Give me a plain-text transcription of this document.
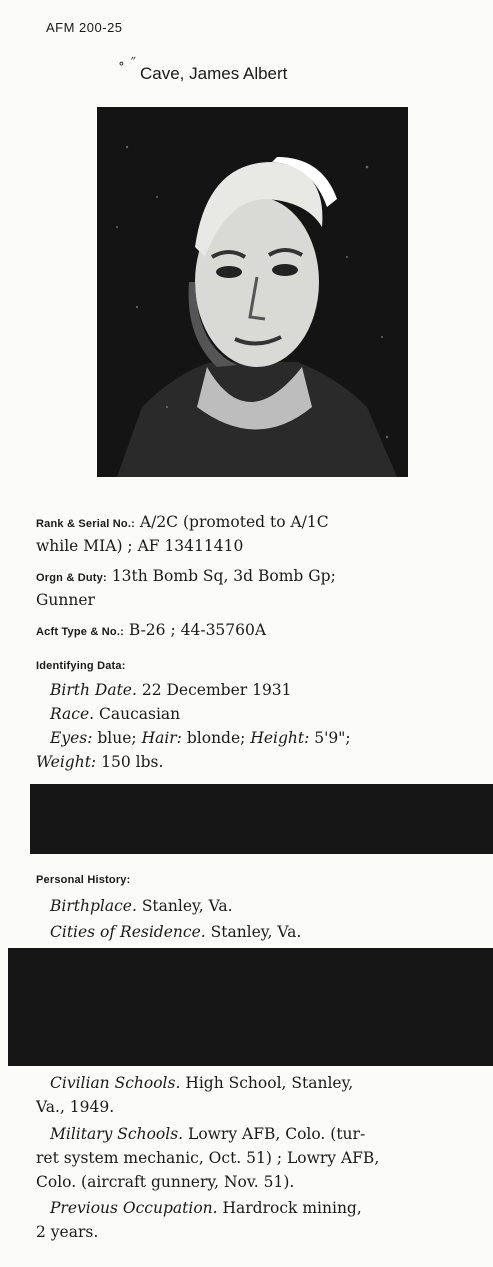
AFM 200-25
∘ ˝ Cave, James Albert
Rank & Serial No.: A/2C (promoted to A/1C
while MIA) ; AF 13411410
Orgn & Duty: 13th Bomb Sq, 3d Bomb Gp;
Gunner
Acft Type & No.: B-26 ; 44-35760A
Identifying Data:
Birth Date. 22 December 1931
Race. Caucasian
Eyes: blue; Hair: blonde; Height: 5'9";
Weight: 150 lbs.
Personal History:
Birthplace. Stanley, Va.
Cities of Residence. Stanley, Va.
Civilian Schools. High School, Stanley,
Va., 1949.
Military Schools. Lowry AFB, Colo. (tur-
ret system mechanic, Oct. 51) ; Lowry AFB,
Colo. (aircraft gunnery, Nov. 51).
Previous Occupation. Hardrock mining,
2 years.
